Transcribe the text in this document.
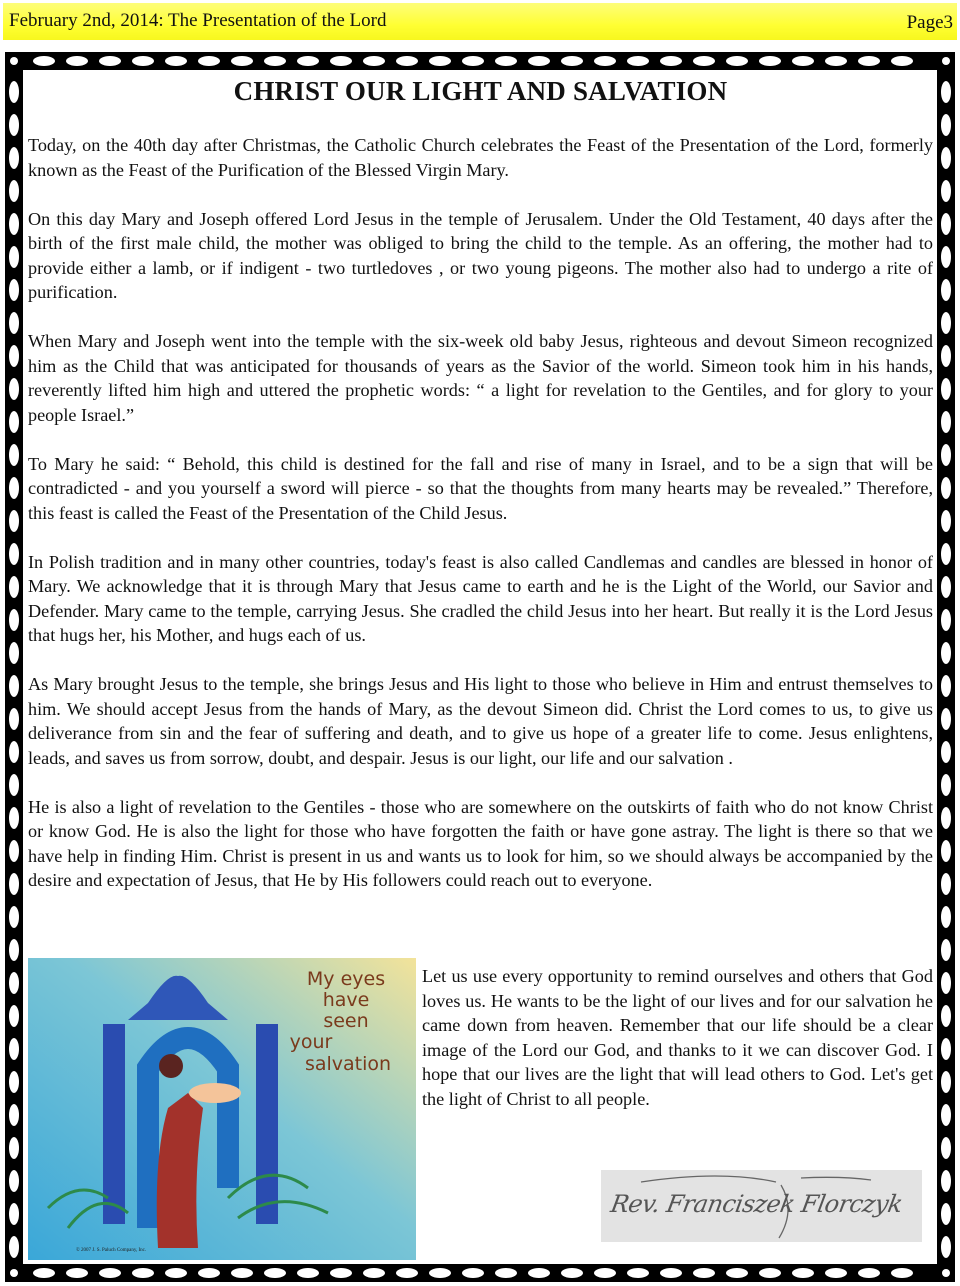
February 2nd, 2014: The Presentation of the Lord	Page3
CHRIST OUR LIGHT AND SALVATION

Today, on the 40th day after Christmas, the Catholic Church celebrates the Feast of the Presentation of the Lord, formerly known as the Feast of the Purification of the Blessed Virgin Mary.

On this day Mary and Joseph offered Lord Jesus in the temple of Jerusalem. Under the Old Testament, 40 days after the birth of the first male child, the mother was obliged to bring the child to the temple. As an offering, the mother had to provide either a lamb, or if indigent - two turtledoves , or two young pigeons. The mother also had to undergo a rite of purification.

When Mary and Joseph went into the temple with the six-week old baby Jesus, righteous and devout Simeon recognized him as the Child that was anticipated for thousands of years as the Savior of the world. Simeon took him in his hands, reverently lifted him high and uttered the prophetic words: “ a light for revelation to the Gentiles, and for glory to your people Israel.”

To Mary he said: “ Behold, this child is destined for the fall and rise of many in Israel, and to be a sign that will be contradicted - and you yourself a sword will pierce - so that the thoughts from many hearts may be revealed.” Therefore, this feast is called the Feast of the Presentation of the Child Jesus.

In Polish tradition and in many other countries, today's feast is also called Candlemas and candles are blessed in honor of Mary. We acknowledge that it is through Mary that Jesus came to earth and he is the Light of the World, our Savior and Defender. Mary came to the temple, carrying Jesus. She cradled the child Jesus into her heart. But really it is the Lord Jesus that hugs her, his Mother, and hugs each of us.

As Mary brought Jesus to the temple, she brings Jesus and His light to those who believe in Him and entrust themselves to him. We should accept Jesus from the hands of Mary, as the devout Simeon did. Christ the Lord comes to us, to give us deliverance from sin and the fear of suffering and death, and to give us hope of a greater life to come. Jesus enlightens, leads, and saves us from sorrow, doubt, and despair. Jesus is our light, our life and our salvation .

He is also a light of revelation to the Gentiles - those who are somewhere on the outskirts of faith who do not know Christ or know God. He is also the light for those who have forgotten the faith or have gone astray. The light is there so that we have help in finding Him. Christ is present in us and wants us to look for him, so we should always be accompanied by the desire and expectation of Jesus, that He by His followers could reach out to everyone.

My eyes
have
seen
your
salvation
© 2007 J. S. Paluch Company, Inc.
Let us use every opportunity to remind ourselves and others that God loves us. He wants to be the light of our lives and for our salvation he came down from heaven. Remember that our life should be a clear image of the Lord our God, and thanks to it we can discover God. I hope that our lives are the light that will lead others to God. Let's get the light of Christ to all people.
Rev. Franciszek Florczyk
